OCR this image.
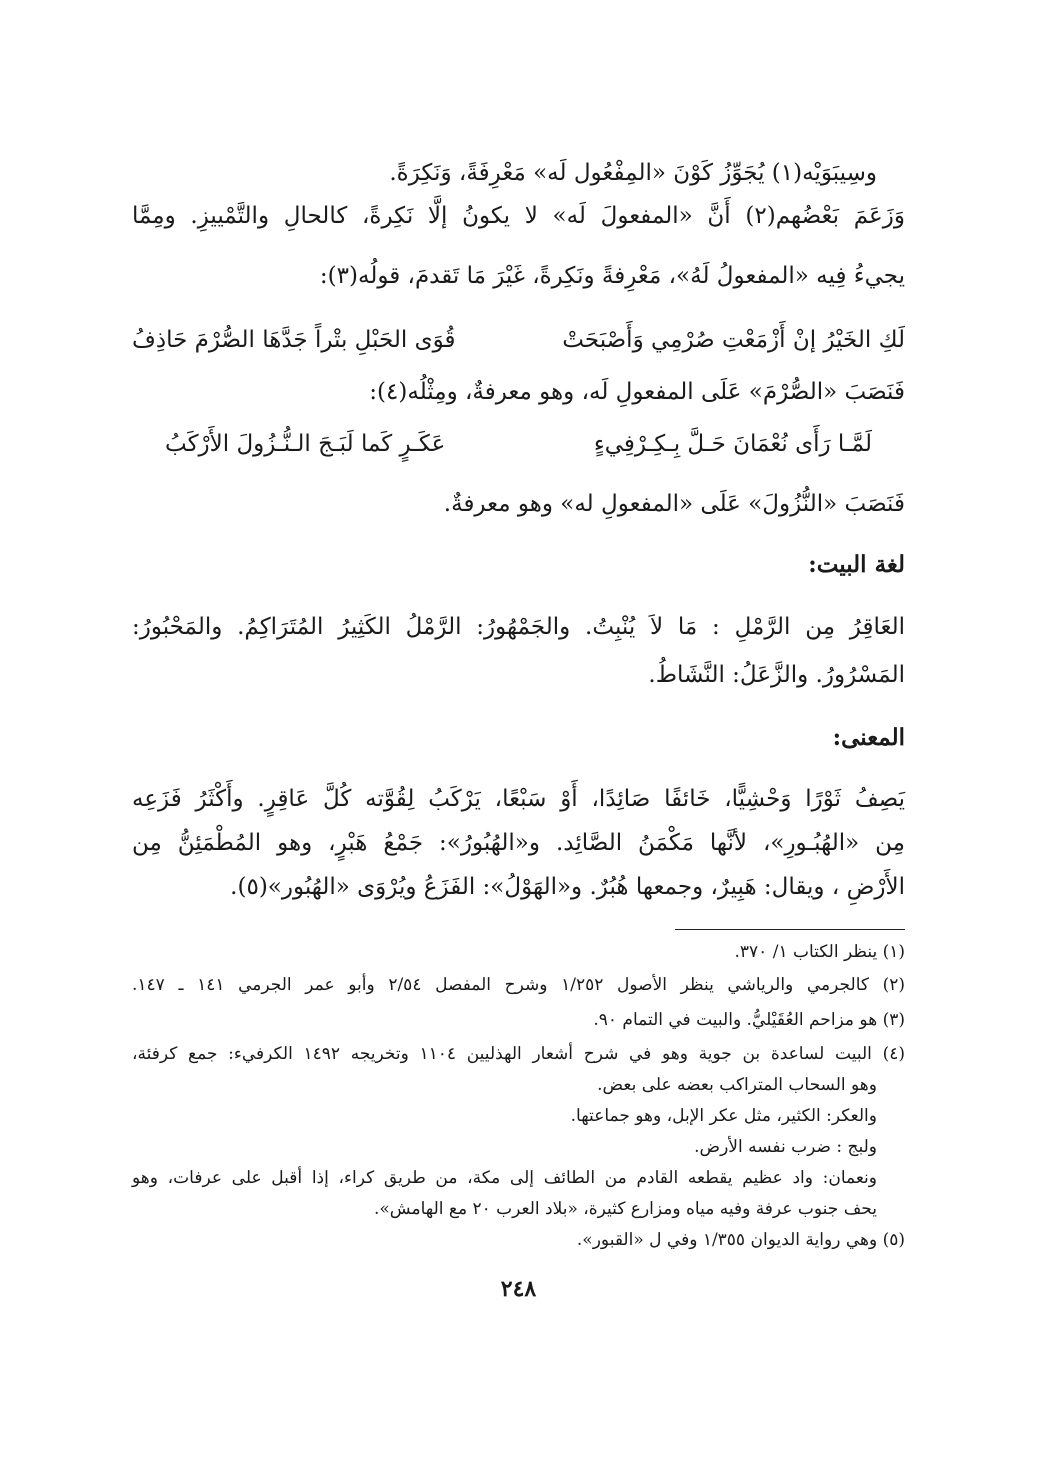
وسِيبَوَيْه(١) يُجَوِّزُ كَوْنَ «المِفْعُول لَه» مَعْرِفَةً، وَنَكِرَةً.
وَزَعَمَ بَعْضُهم(٢) أَنَّ «المفعولَ لَه» لا يكونُ إلَّا نَكِرةً، كالحالِ والتَّمْييزِ. ومِمَّا
يجيءُ فِيه «المفعولُ لَهُ»، مَعْرِفةً ونَكِرةً، غَيْرَ مَا تَقدمَ، قولُه(٣):
لَكِ الخَيْرُ إنْ أَزْمَعْتِ صُرْمِي وَأَصْبَحَتْ
قُوَى الحَبْلِ بتْراً جَدَّهَا الصُّرْمَ حَاذِفُ
فَنَصَبَ «الصُّرْمَ» عَلَى المفعولِ لَه، وهو معرفةٌ، ومِثْلُه(٤):
لَمَّـا رَأَى نُعْمَانَ حَـلَّ بِـكِـرْفِيءٍ
عَكَـرٍ كَما لَبَـجَ الـنُّـزُولَ الأَرْكَبُ
فَنَصَبَ «النُّزُولَ» عَلَى «المفعولِ له» وهو معرفةٌ.
لغة البيت:
العَاقِرُ مِن الرَّمْلِ : مَا لاَ يُنْبِتُ. والجَمْهُورُ: الرَّمْلُ الكَثِيرُ المُتَرَاكِمُ. والمَحْبُورُ:
المَسْرُورُ. والزَّعَلُ: النَّشَاطُ.
المعنى:
يَصِفُ ثَوْرًا وَحْشِيًّا، خَائفًا صَائِدًا، أَوْ سَبْعًا، يَرْكَبُ لِقُوَّته كُلَّ عَاقِرٍ. وأَكْثَرُ فَزَعِه
مِن «الهُبُـورِ»، لأنَّها مَكْمَنُ الصَّائِد. و«الهُبُورُ»: جَمْعُ هَبْرٍ، وهو المُطْمَئِنُّ مِن
الأَرْضِ ، ويقال: هَبِيرٌ، وجمعها هُبُرٌ. و«الهَوْلُ»: الفَزَعُ ويُرْوَى «الهُبُور»(٥).
(١) ينظر الكتاب ١/ ٣٧٠.
(٢) كالجرمي والرياشي ينظر الأصول ١/٢٥٢ وشرح المفصل ٢/٥٤ وأبو عمر الجرمي ١٤١ ـ ١٤٧.
(٣) هو مزاحم العُقَيْليُّ. والبيت في التمام ٩٠.
(٤) البيت لساعدة بن جوية وهو في شرح أشعار الهذليين ١١٠٤ وتخريجه ١٤٩٢ الكرفيء: جمع كرفئة،
وهو السحاب المتراكب بعضه على بعض.
والعكر: الكثير، مثل عكر الإبل، وهو جماعتها.
ولبج : ضرب نفسه الأرض.
ونعمان: واد عظيم يقطعه القادم من الطائف إلى مكة، من طريق كراء، إذا أقبل على عرفات، وهو
يحف جنوب عرفة وفيه مياه ومزارع كثيرة، «بلاد العرب ٢٠ مع الهامش».
(٥) وهي رواية الديوان ١/٣٥٥ وفي ل «القبور».
٢٤٨
